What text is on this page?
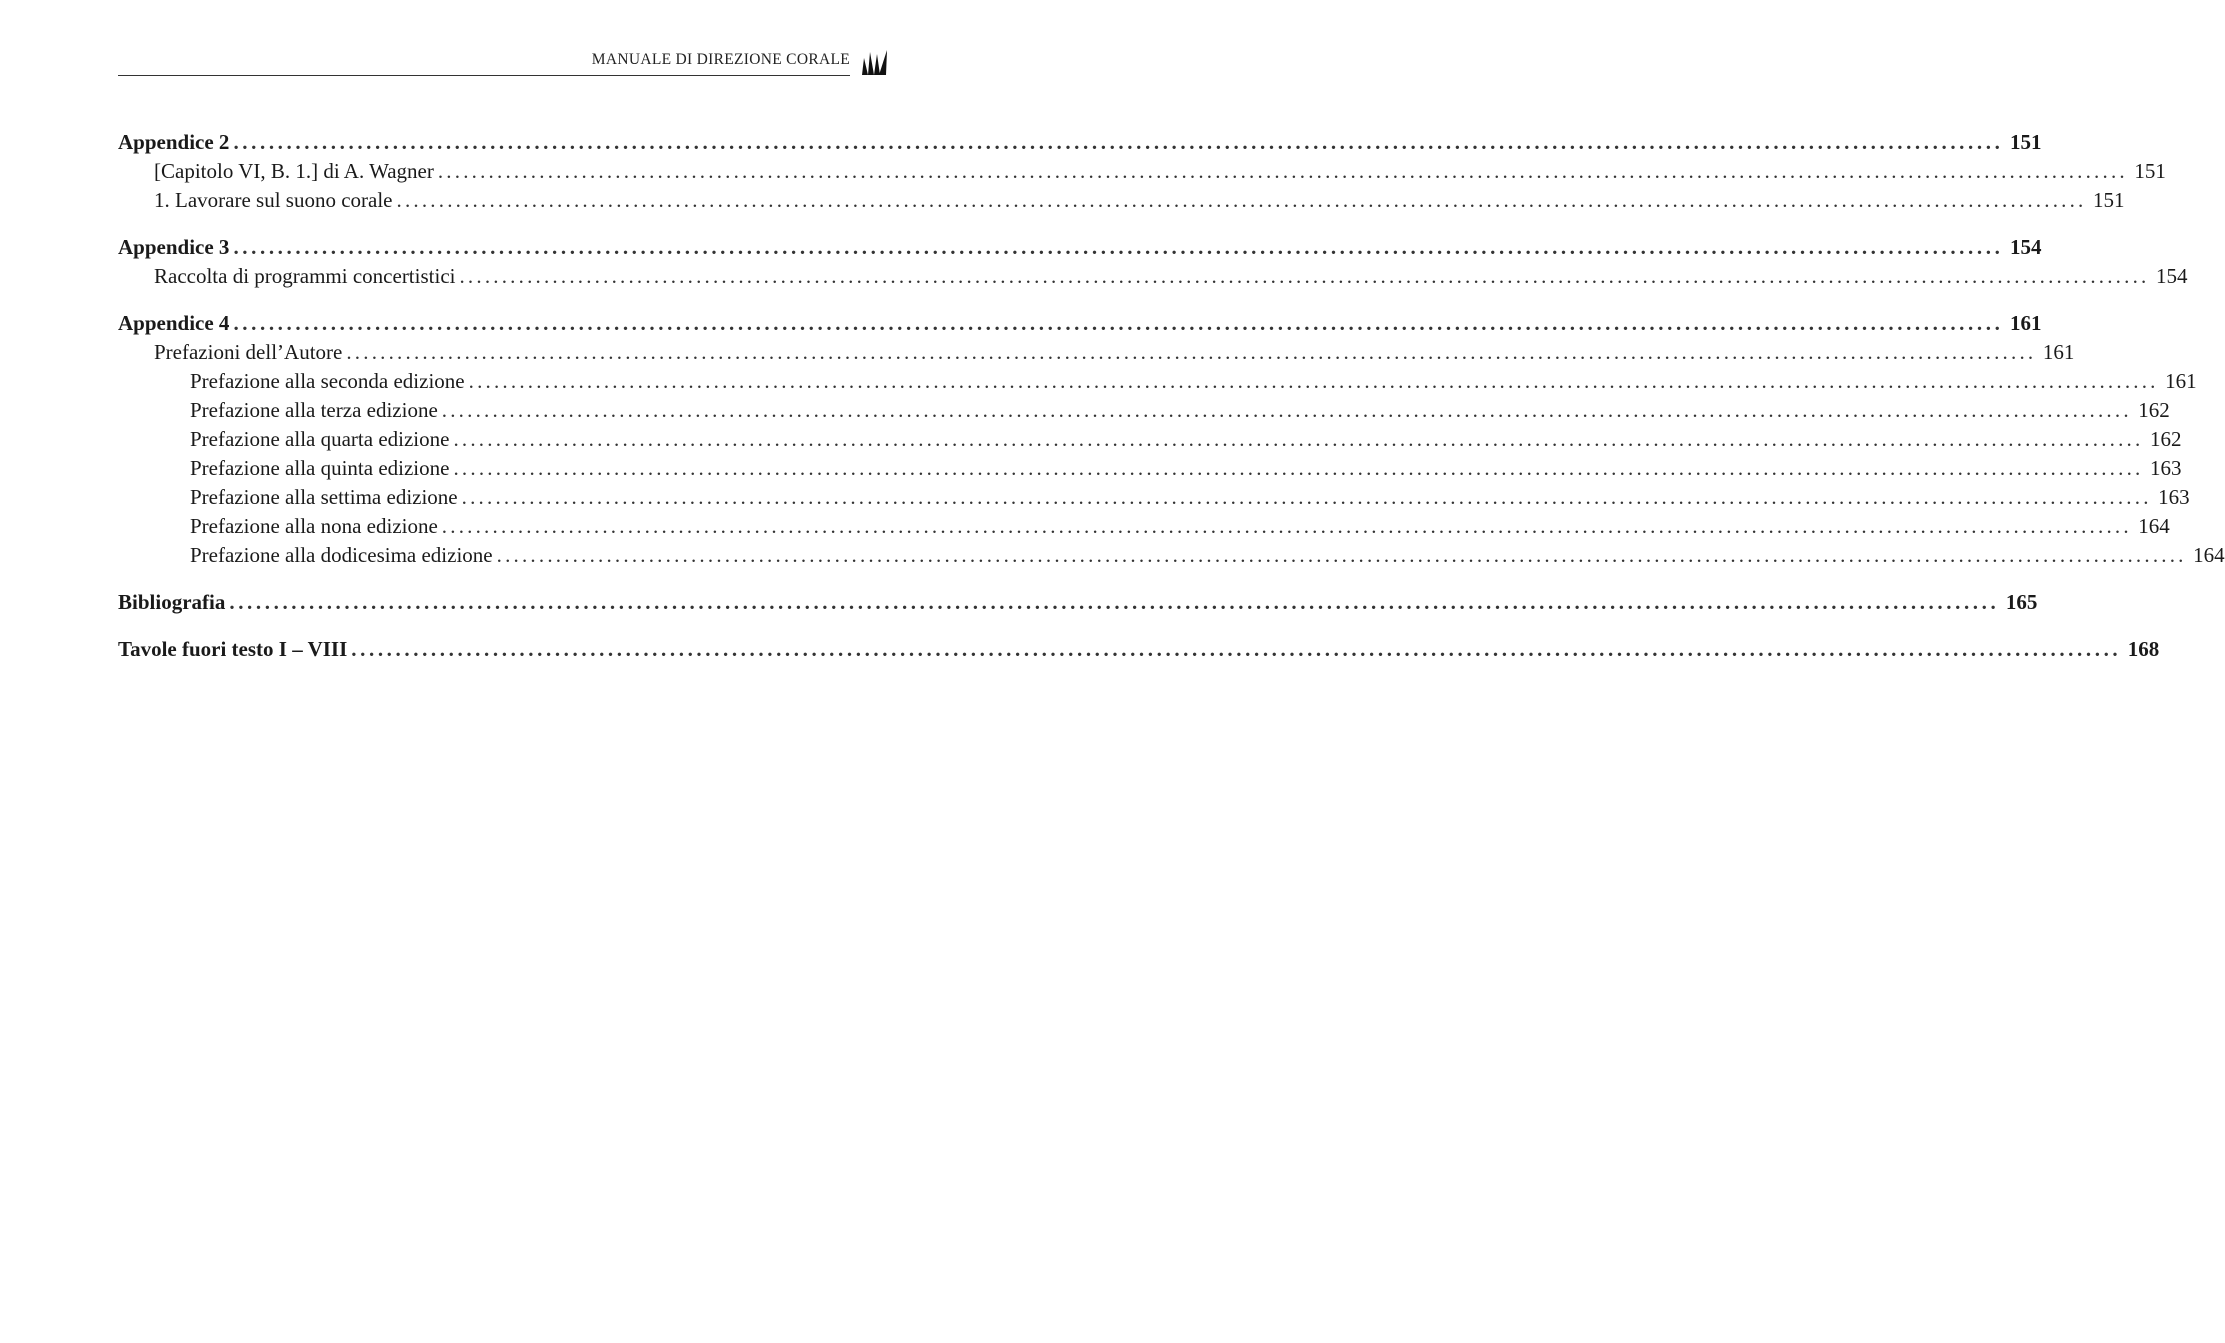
MANUALE DI DIREZIONE CORALE
Appendice 2 ........................................................................................................................................................................................................ 151
[Capitolo VI, B. 1.] di A. Wagner ........................................................................................................................................................................................................ 151
1. Lavorare sul suono corale ........................................................................................................................................................................................................ 151
Appendice 3 ........................................................................................................................................................................................................ 154
Raccolta di programmi concertistici ........................................................................................................................................................................................................ 154
Appendice 4 ........................................................................................................................................................................................................ 161
Prefazioni dell’Autore ........................................................................................................................................................................................................ 161
Prefazione alla seconda edizione ........................................................................................................................................................................................................ 161
Prefazione alla terza edizione ........................................................................................................................................................................................................ 162
Prefazione alla quarta edizione ........................................................................................................................................................................................................ 162
Prefazione alla quinta edizione ........................................................................................................................................................................................................ 163
Prefazione alla settima edizione ........................................................................................................................................................................................................ 163
Prefazione alla nona edizione ........................................................................................................................................................................................................ 164
Prefazione alla dodicesima edizione ........................................................................................................................................................................................................ 164
Bibliografia ........................................................................................................................................................................................................ 165
Tavole fuori testo I – VIII ........................................................................................................................................................................................................ 168
